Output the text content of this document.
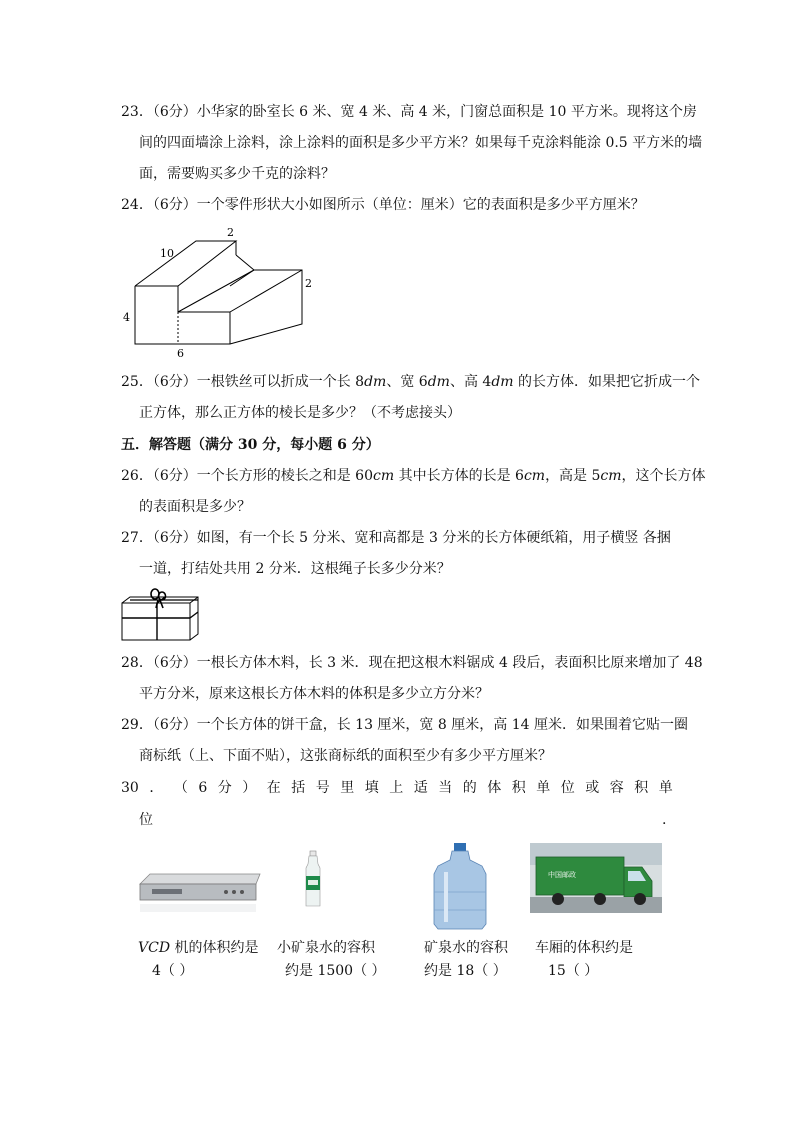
23．（6分）小华家的卧室长 6 米、宽 4 米、高 4 米，门窗总面积是 10 平方米。现将这个房
间的四面墙涂上涂料，涂上涂料的面积是多少平方米？如果每千克涂料能涂 0.5 平方米的墙
面，需要购买多少千克的涂料？
24．（6分）一个零件形状大小如图所示（单位：厘米）它的表面积是多少平方厘米？
2
10
2
4
6
25．（6分）一根铁丝可以折成一个长 8dm、宽 6dm、高 4dm 的长方体．如果把它折成一个
正方体，那么正方体的棱长是多少？（不考虑接头）
五．解答题（满分 30 分，每小题 6 分）
26．（6分）一个长方形的棱长之和是 60cm 其中长方体的长是 6cm，高是 5cm，这个长方体
的表面积是多少？
27．（6分）如图，有一个长 5 分米、宽和高都是 3 分米的长方体硬纸箱，用子横竖 各捆
一道，打结处共用 2 分米．这根绳子长多少分米？
28．（6分）一根长方体木料，长 3 米．现在把这根木料锯成 4 段后，表面积比原来增加了 48
平方分米，原来这根长方体木料的体积是多少立方分米？
29．（6分）一个长方体的饼干盒，长 13 厘米，宽 8 厘米，高 14 厘米．如果围着它贴一圈
商标纸（上、下面不贴），这张商标纸的面积至少有多少平方厘米？
30 ． （ 6 分 ） 在 括 号 里 填 上 适 当 的 体 积 单 位 或 容 积 单
位	.
中国邮政
VCD 机的体积约是
4（ ）
小矿泉水的容积
约是 1500（ ）
矿泉水的容积
约是 18（ ）
车厢的体积约是
15（ ）
